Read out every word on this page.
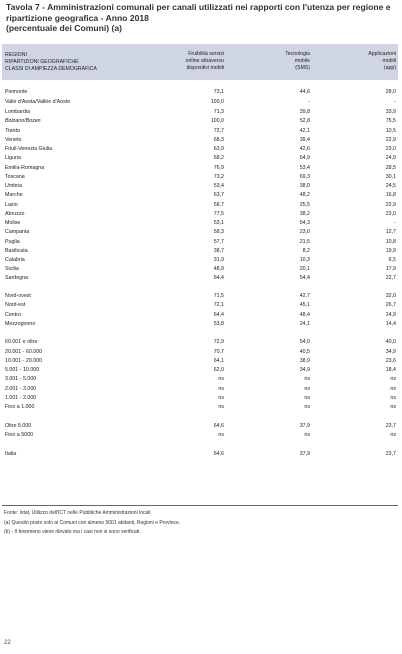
Tavola 7 - Amministrazioni comunali per canali utilizzati nei rapporti con l'utenza per regione e
ripartizione geografica - Anno 2018
(percentuale dei Comuni) (a)
REGIONI
RIPARTIZIONI GEOGRAFICHE
CLASSI DI AMPIEZZA DEMOGRAFICA
Fruibilità servizi
online attraverso
dispositivi mobili
Tecnologia
mobile
(SMS)
Applicazioni
mobili
(app)
Piemonte	73,1	44,6	28,0
Valle d'Aosta/Vallée d'Aoste	100,0	-	-
Lombardia	71,3	39,8	33,9
Bolzano/Bozen	100,0	52,8	75,5
Trento	73,7	42,1	10,5
Veneto	68,3	39,4	22,9
Friuli-Venezia Giulia	63,9	42,6	23,0
Liguria	68,2	64,9	24,9
Emilia-Romagna	76,9	53,4	28,5
Toscana	73,2	69,3	30,1
Umbria	53,4	38,0	24,5
Marche	63,7	48,2	16,8
Lazio	58,7	25,5	22,9
Abruzzo	77,5	38,2	23,0
Molise	53,1	54,3	-
Campania	58,3	23,0	12,7
Puglia	57,7	21,5	10,8
Basilicata	38,7	8,2	19,9
Calabria	31,9	10,3	6,5
Sicilia	48,9	20,1	17,9
Sardegna	64,4	54,4	22,7
Nord-ovest	71,5	42,7	32,0
Nord-est	72,1	45,1	26,7
Centro	64,4	48,4	24,9
Mezzogiorno	53,8	24,1	14,4
60.001 e oltre	72,9	54,0	40,0
20.001 - 60.000	70,7	40,5	34,9
10.001 - 20.000	64,1	38,9	23,6
5.001 - 10.000	62,0	34,9	18,4
3.001 - 5.000	ns	ns	ns
2.001 - 3.000	ns	ns	ns
1.001 - 2.000	ns	ns	ns
Fino a 1.000	ns	ns	ns
Oltre 5.000	64,6	37,9	23,7
Fino a 5000	ns	ns	ns
Italia	64,6	37,9	23,7
Fonte: Istat, Utilizzo dell'ICT nelle Pubbliche Amministrazioni locali
(a) Quesito posto solo ai Comuni con almeno 5001 abitanti, Regioni e Province.
(b) - Il fenomeno viene rilevato ma i casi non si sono verificati.
22
